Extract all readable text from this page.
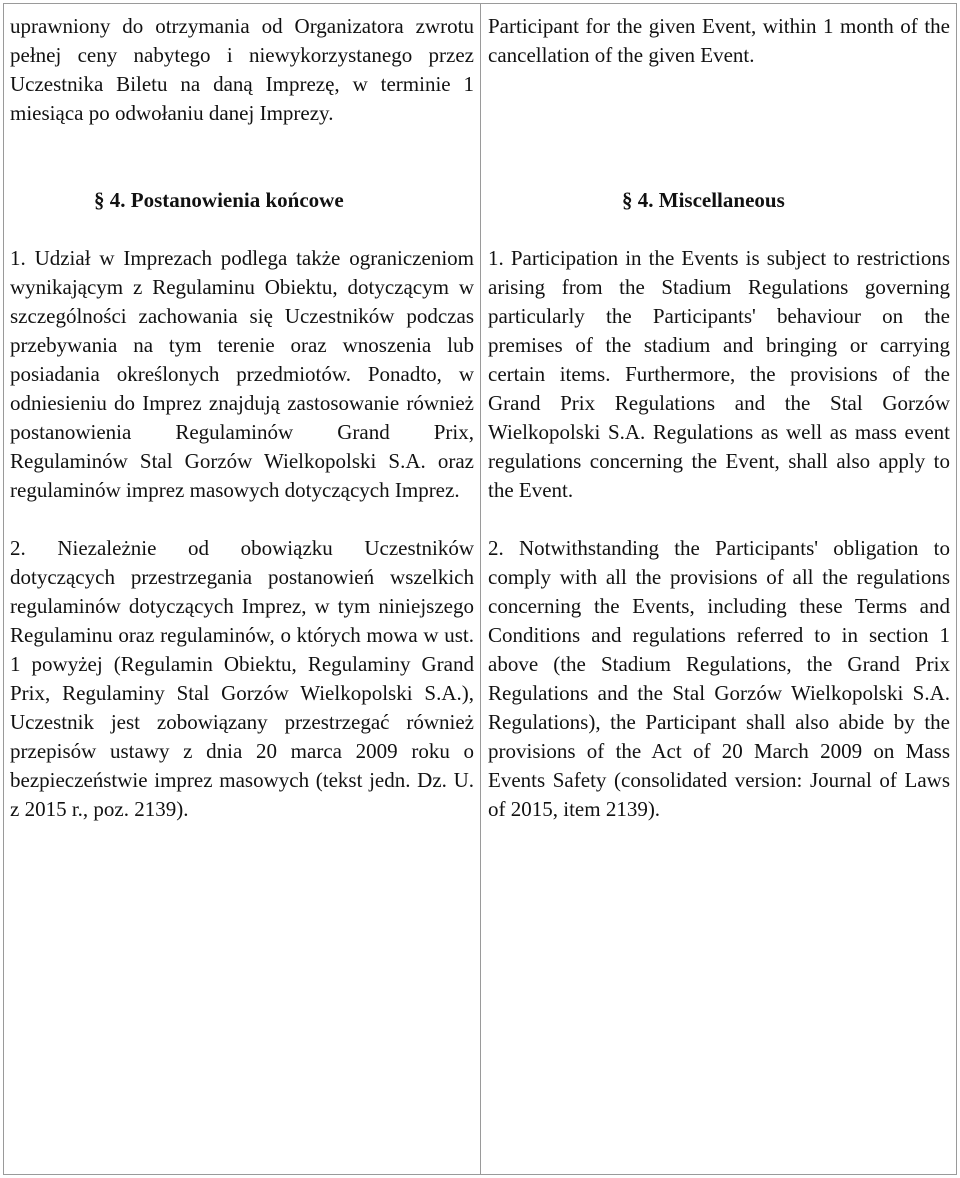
uprawniony do otrzymania od Organizatora zwrotu pełnej ceny nabytego i niewykorzystanego przez Uczestnika Biletu na daną Imprezę, w terminie 1 miesiąca po odwołaniu danej Imprezy.

§ 4. Postanowienia końcowe

1. Udział w Imprezach podlega także ograniczeniom wynikającym z Regulaminu Obiektu, dotyczącym w szczególności zachowania się Uczestników podczas przebywania na tym terenie oraz wnoszenia lub posiadania określonych przedmiotów. Ponadto, w odniesieniu do Imprez znajdują zastosowanie również postanowienia Regulaminów Grand Prix, Regulaminów Stal Gorzów Wielkopolski S.A. oraz regulaminów imprez masowych dotyczących Imprez.

2. Niezależnie od obowiązku Uczestników dotyczących przestrzegania postanowień wszelkich regulaminów dotyczących Imprez, w tym niniejszego Regulaminu oraz regulaminów, o których mowa w ust. 1 powyżej (Regulamin Obiektu, Regulaminy Grand Prix, Regulaminy Stal Gorzów Wielkopolski S.A.), Uczestnik jest zobowiązany przestrzegać również przepisów ustawy z dnia 20 marca 2009 roku o bezpieczeństwie imprez masowych (tekst jedn. Dz. U. z 2015 r., poz. 2139).

Participant for the given Event, within 1 month of the cancellation of the given Event.

§ 4. Miscellaneous

1. Participation in the Events is subject to restrictions arising from the Stadium Regulations governing particularly the Participants' behaviour on the premises of the stadium and bringing or carrying certain items. Furthermore, the provisions of the Grand Prix Regulations and the Stal Gorzów Wielkopolski S.A. Regulations as well as mass event regulations concerning the Event, shall also apply to the Event.

2. Notwithstanding the Participants' obligation to comply with all the provisions of all the regulations concerning the Events, including these Terms and Conditions and regulations referred to in section 1 above (the Stadium Regulations, the Grand Prix Regulations and the Stal Gorzów Wielkopolski S.A. Regulations), the Participant shall also abide by the provisions of the Act of 20 March 2009 on Mass Events Safety (consolidated version: Journal of Laws of 2015, item 2139).
